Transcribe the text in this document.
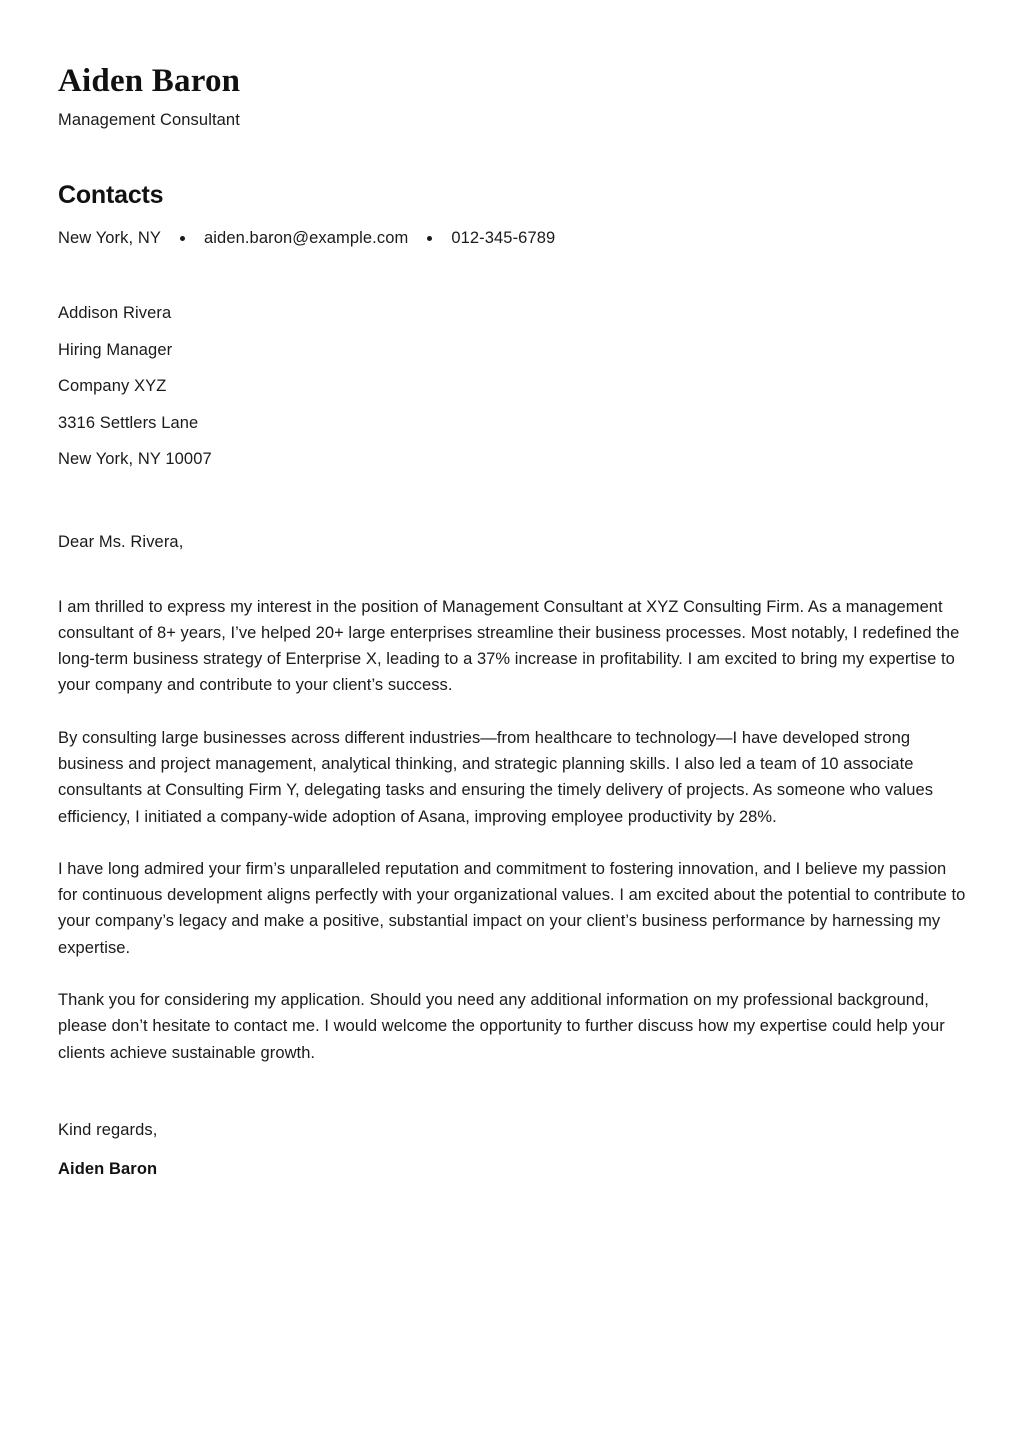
Aiden Baron
Management Consultant
Contacts
New York, NY	aiden.baron@example.com	012-345-6789
Addison Rivera
Hiring Manager
Company XYZ
3316 Settlers Lane
New York, NY 10007
Dear Ms. Rivera,

I am thrilled to express my interest in the position of Management Consultant at XYZ Consulting Firm. As a management consultant of 8+ years, I’ve helped 20+ large enterprises streamline their business processes. Most notably, I redefined the long-term business strategy of Enterprise X, leading to a 37% increase in profitability. I am excited to bring my expertise to your company and contribute to your client’s success.

By consulting large businesses across different industries—from healthcare to technology—I have developed strong business and project management, analytical thinking, and strategic planning skills. I also led a team of 10 associate consultants at Consulting Firm Y, delegating tasks and ensuring the timely delivery of projects. As someone who values efficiency, I initiated a company-wide adoption of Asana, improving employee productivity by 28%.

I have long admired your firm’s unparalleled reputation and commitment to fostering innovation, and I believe my passion for continuous development aligns perfectly with your organizational values. I am excited about the potential to contribute to your company’s legacy and make a positive, substantial impact on your client’s business performance by harnessing my expertise.

Thank you for considering my application. Should you need any additional information on my professional background, please don’t hesitate to contact me. I would welcome the opportunity to further discuss how my expertise could help your clients achieve sustainable growth.

Kind regards,
Aiden Baron
